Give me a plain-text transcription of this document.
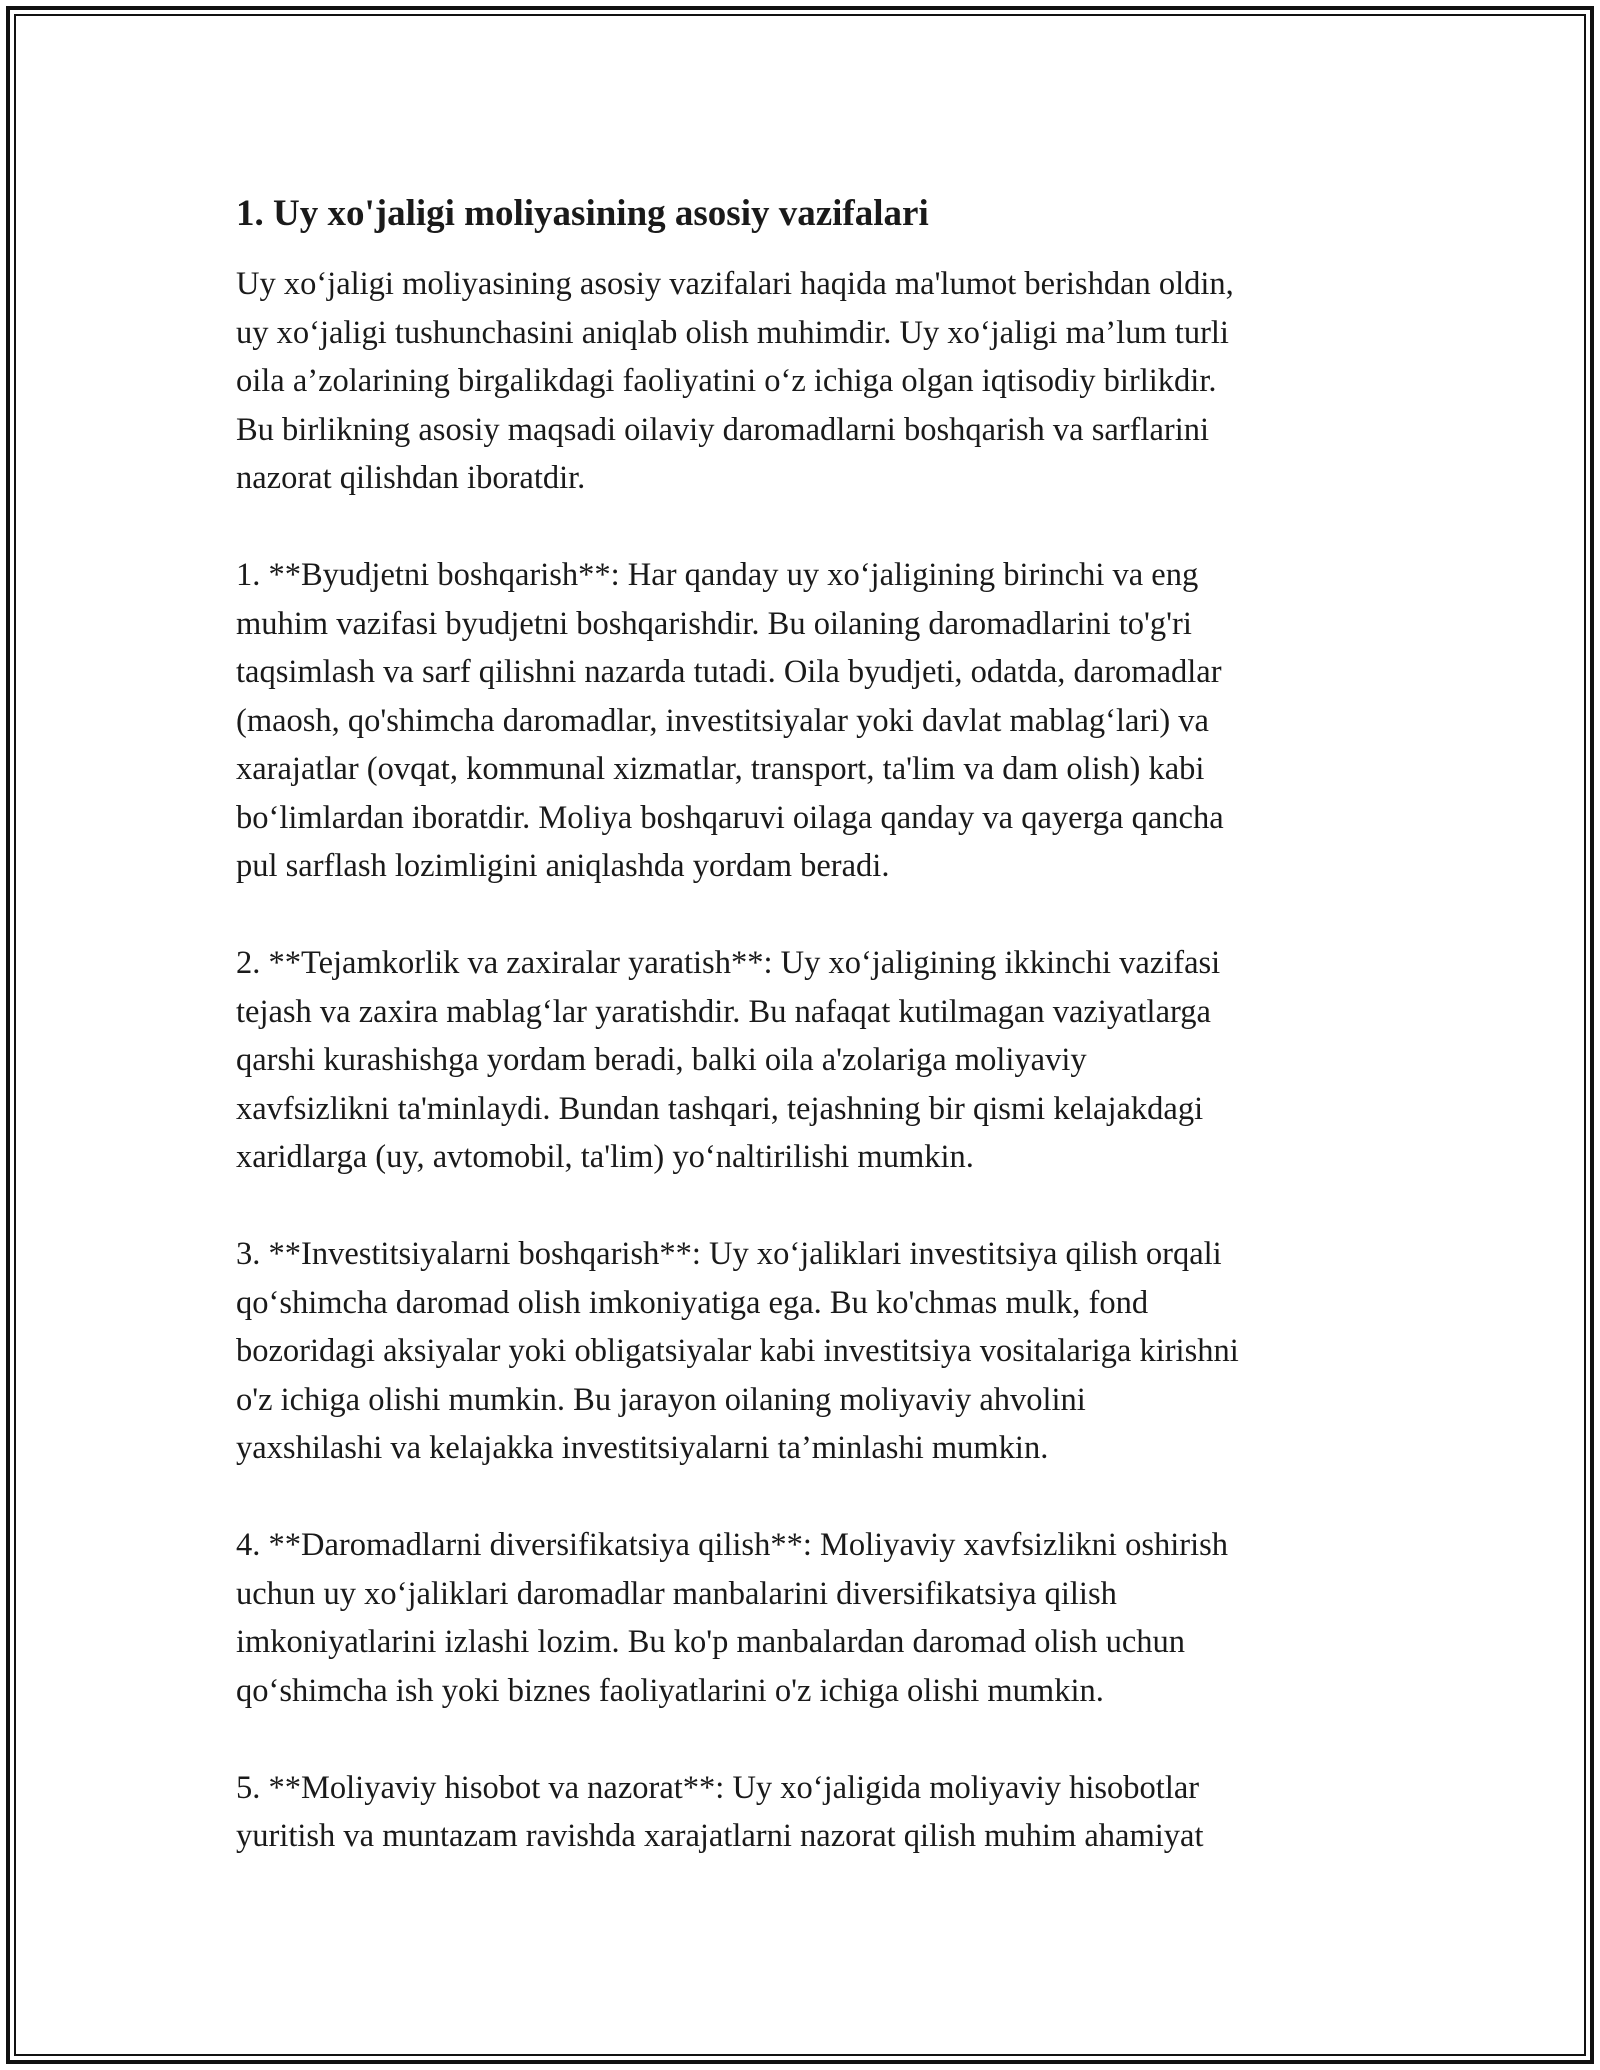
1. Uy xo'jaligi moliyasining asosiy vazifalari

Uy xo‘jaligi moliyasining asosiy vazifalari haqida ma'lumot berishdan oldin,
uy xo‘jaligi tushunchasini aniqlab olish muhimdir. Uy xo‘jaligi ma’lum turli
oila a’zolarining birgalikdagi faoliyatini o‘z ichiga olgan iqtisodiy birlikdir.
Bu birlikning asosiy maqsadi oilaviy daromadlarni boshqarish va sarflarini
nazorat qilishdan iboratdir.

1. **Byudjetni boshqarish**: Har qanday uy xo‘jaligining birinchi va eng
muhim vazifasi byudjetni boshqarishdir. Bu oilaning daromadlarini to'g'ri
taqsimlash va sarf qilishni nazarda tutadi. Oila byudjeti, odatda, daromadlar
(maosh, qo'shimcha daromadlar, investitsiyalar yoki davlat mablag‘lari) va
xarajatlar (ovqat, kommunal xizmatlar, transport, ta'lim va dam olish) kabi
bo‘limlardan iboratdir. Moliya boshqaruvi oilaga qanday va qayerga qancha
pul sarflash lozimligini aniqlashda yordam beradi.

2. **Tejamkorlik va zaxiralar yaratish**: Uy xo‘jaligining ikkinchi vazifasi
tejash va zaxira mablag‘lar yaratishdir. Bu nafaqat kutilmagan vaziyatlarga
qarshi kurashishga yordam beradi, balki oila a'zolariga moliyaviy
xavfsizlikni ta'minlaydi. Bundan tashqari, tejashning bir qismi kelajakdagi
xaridlarga (uy, avtomobil, ta'lim) yo‘naltirilishi mumkin.

3. **Investitsiyalarni boshqarish**: Uy xo‘jaliklari investitsiya qilish orqali
qo‘shimcha daromad olish imkoniyatiga ega. Bu ko'chmas mulk, fond
bozoridagi aksiyalar yoki obligatsiyalar kabi investitsiya vositalariga kirishni
o'z ichiga olishi mumkin. Bu jarayon oilaning moliyaviy ahvolini
yaxshilashi va kelajakka investitsiyalarni ta’minlashi mumkin.

4. **Daromadlarni diversifikatsiya qilish**: Moliyaviy xavfsizlikni oshirish
uchun uy xo‘jaliklari daromadlar manbalarini diversifikatsiya qilish
imkoniyatlarini izlashi lozim. Bu ko'p manbalardan daromad olish uchun
qo‘shimcha ish yoki biznes faoliyatlarini o'z ichiga olishi mumkin.

5. **Moliyaviy hisobot va nazorat**: Uy xo‘jaligida moliyaviy hisobotlar
yuritish va muntazam ravishda xarajatlarni nazorat qilish muhim ahamiyat
